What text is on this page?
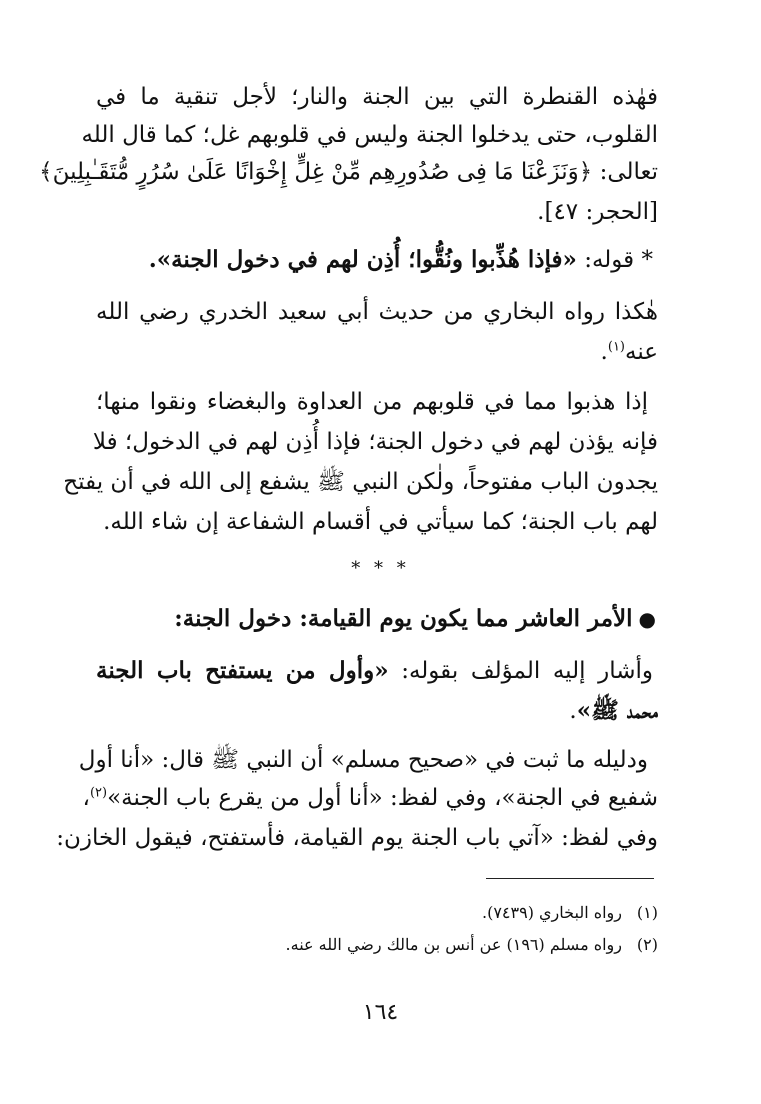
فهٰذه القنطرة التي بين الجنة والنار؛ لأجل تنقية ما في
القلوب، حتى يدخلوا الجنة وليس في قلوبهم غل؛ كما قال الله
تعالى: ﴿وَنَزَعْنَا مَا فِى صُدُورِهِم مِّنْ غِلٍّ إِخْوَانًا عَلَىٰ سُرُرٍ مُّتَقَـٰبِلِينَ﴾
[الحجر: ٤٧].
* قوله: «فإذا هُذِّبوا ونُقُّوا؛ أُذِن لهم في دخول الجنة».
هٰكذا رواه البخاري من حديث أبي سعيد الخدري رضي الله
عنه$^{(١)}$.
إذا هذبوا مما في قلوبهم من العداوة والبغضاء ونقوا منها؛
فإنه يؤذن لهم في دخول الجنة؛ فإذا أُذِن لهم في الدخول؛ فلا
يجدون الباب مفتوحاً، ولٰكن النبي ﷺ يشفع إلى الله في أن يفتح
لهم باب الجنة؛ كما سيأتي في أقسام الشفاعة إن شاء الله.
* * *
●الأمر العاشر مما يكون يوم القيامة: دخول الجنة:
وأشار إليه المؤلف بقوله: «وأول من يستفتح باب الجنة
محمد ﷺ».
ودليله ما ثبت في «صحيح مسلم» أن النبي ﷺ قال: «أنا أول
شفيع في الجنة»، وفي لفظ: «أنا أول من يقرع باب الجنة»$^{(٢)}$،
وفي لفظ: «آتي باب الجنة يوم القيامة، فأستفتح، فيقول الخازن:
(١)رواه البخاري (٧٤٣٩).
(٢)رواه مسلم (١٩٦) عن أنس بن مالك رضي الله عنه.
١٦٤
